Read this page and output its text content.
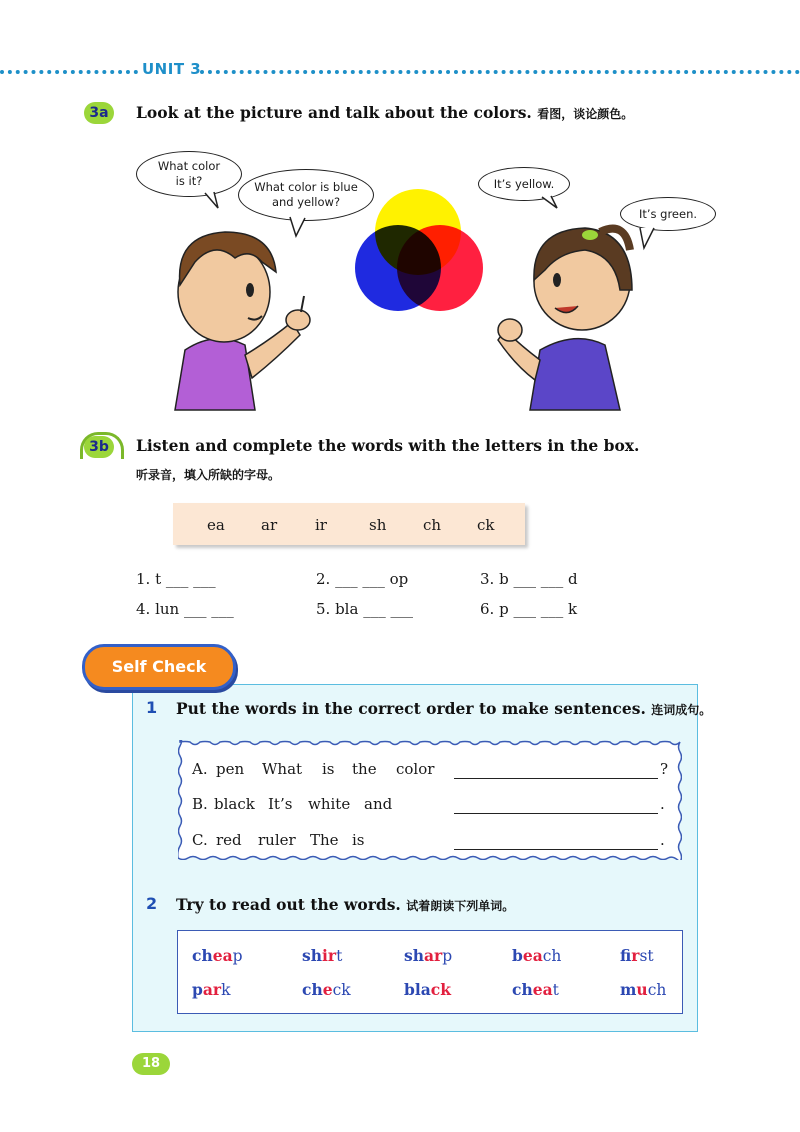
UNIT 3
3a	Look at the picture and talk about the colors. 看图，谈论颜色。
What color is it?	What color is blue and yellow?
It’s yellow.
It’s green.
3b	Listen and complete the words with the letters in the box.
听录音，填入所缺的字母。
ea ar	ir	sh ch ck
1. t ___ ___	2. ___ ___ op	3. b ___ ___ d
4. lun ___ ___	5. bla ___ ___	6. p ___ ___ k
Self Check
1 Put the words in the correct order to make sentences. 连词成句。
A. pen What is the color	?
B. black It’s white and	.
C. red ruler The is	.
2 Try to read out the words. 试着朗读下列单词。
cheap	shirt	sharp	beach	first
park	check	black	cheat	much
18
